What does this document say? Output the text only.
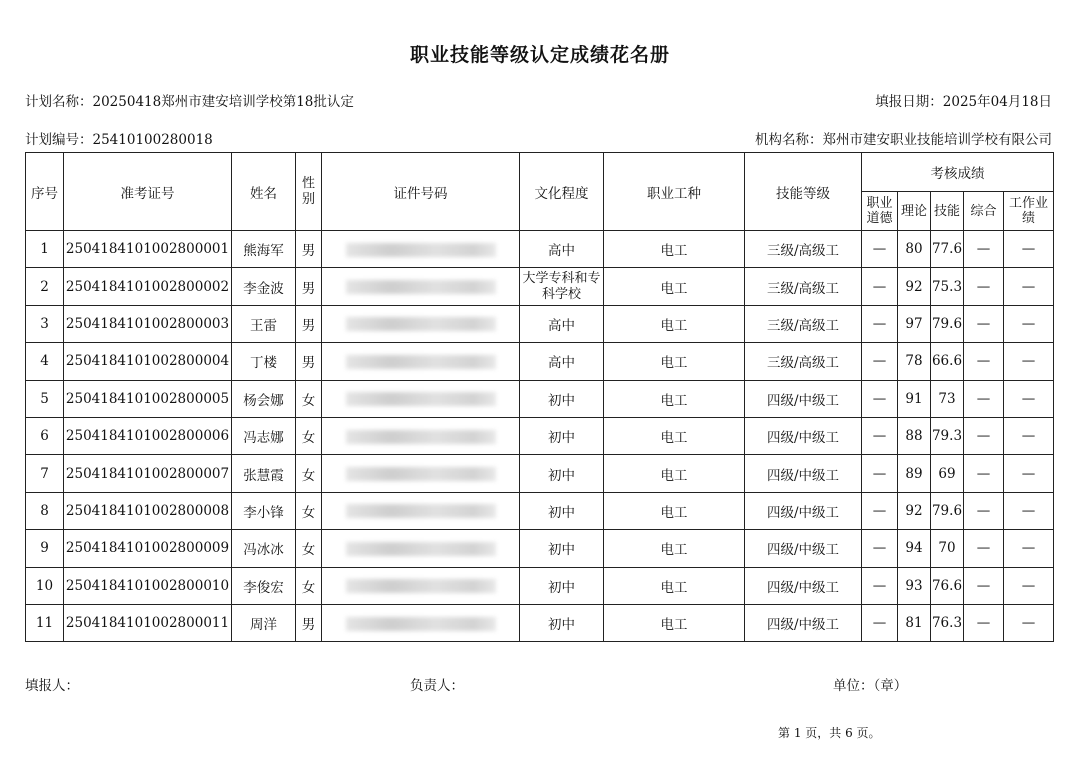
职业技能等级认定成绩花名册
计划名称：20250418郑州市建安培训学校第18批认定	填报日期：2025年04月18日
计划编号：25410100280018	机构名称：郑州市建安职业技能培训学校有限公司
序号	准考证号	姓名	性别	证件号码	文化程度	职业工种	技能等级	考核成绩				
								职业道德	理论	技能	综合	工作业绩
1	2504184101002800001	熊海军	男		高中	电工	三级/高级工	—	80	77.6	—	—
2	2504184101002800002	李金波	男		大学专科和专科学校	电工	三级/高级工	—	92	75.3	—	—
3	2504184101002800003	王雷	男		高中	电工	三级/高级工	—	97	79.6	—	—
4	2504184101002800004	丁楼	男		高中	电工	三级/高级工	—	78	66.6	—	—
5	2504184101002800005	杨会娜	女		初中	电工	四级/中级工	—	91	73	—	—
6	2504184101002800006	冯志娜	女		初中	电工	四级/中级工	—	88	79.3	—	—
7	2504184101002800007	张慧霞	女		初中	电工	四级/中级工	—	89	69	—	—
8	2504184101002800008	李小锋	女		初中	电工	四级/中级工	—	92	79.6	—	—
9	2504184101002800009	冯冰冰	女		初中	电工	四级/中级工	—	94	70	—	—
10	2504184101002800010	李俊宏	女		初中	电工	四级/中级工	—	93	76.6	—	—
11	2504184101002800011	周洋	男		初中	电工	四级/中级工	—	81	76.3	—	—
填报人：	负责人：	单位：（章）
第 1 页，共 6 页。
